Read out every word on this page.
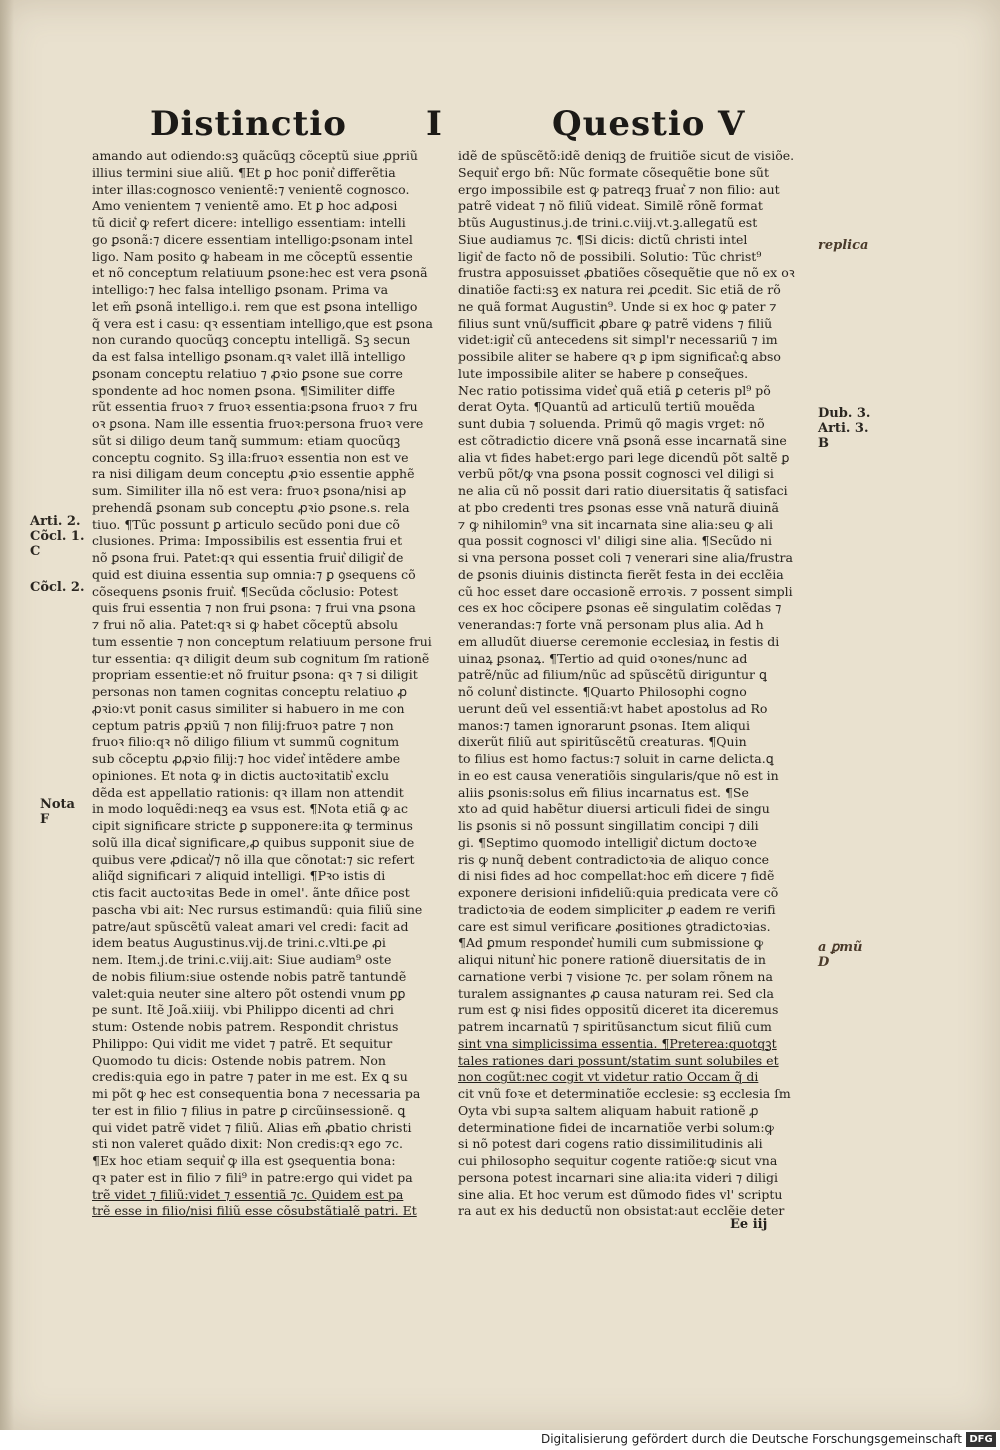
Distinctio I	Questio V
amando aut odiendo:sꝫ quãcũqꝫ cõceptũ siue ꝓpriũ
illius termini siue aliũ. ¶Et ꝑ hoc ponit͛ differẽtia
inter illas:cognosco venientẽ:⁊ venientẽ cognosco.
Amo venientem ⁊ venientẽ amo. Et ꝑ hoc adꝓosi
tũ dicit͛ ꝙ refert dicere: intelligo essentiam: intelli
go ꝑsonã:⁊ dicere essentiam intelligo:ꝑsonam intel
ligo. Nam posito ꝙ habeam in me cõceptũ essentie
et nõ conceptum relatiuum ꝑsone:hec est vera ꝑsonã
intelligo:⁊ hec falsa intelligo ꝑsonam. Prima va
let em̃ ꝑsonã intelligo.i. rem que est ꝑsona intelligo
q̃ vera est i casu: qꝛ essentiam intelligo,que est ꝑsona
non curando quocũqꝫ conceptu intelligã. Sꝫ secun
da est falsa intelligo ꝑsonam.qꝛ valet illã intelligo
ꝑsonam conceptu relatiuo ⁊ ꝓꝛio ꝑsone sue corre
spondente ad hoc nomen ꝑsona. ¶Similiter diffe
rũt essentia fruoꝛ ⁊ fruoꝛ essentia:ꝑsona fruoꝛ ⁊ fru
oꝛ ꝑsona. Nam ille essentia fruoꝛ:persona fruoꝛ vere
sũt si diligo deum tanq̃ summum: etiam quocũqꝫ
conceptu cognito. Sꝫ illa:fruoꝛ essentia non est ve
ra nisi diligam deum conceptu ꝓꝛio essentie apphẽ
sum. Similiter illa nõ est vera: fruoꝛ ꝑsona/nisi ap
prehendã ꝑsonam sub conceptu ꝓꝛio ꝑsone.s. rela
tiuo. ¶Tũc possunt ꝑ articulo secũdo poni due cõ
clusiones. Prima: Impossibilis est essentia frui et
nõ ꝑsona frui. Patet:qꝛ qui essentia fruit͛ diligit͛ de
quid est diuina essentia sup omnia:⁊ ꝑ ꝯsequens cõ
cõsequens ꝑsonis fruit͛. ¶Secũda cõclusio: Potest
quis frui essentia ⁊ non frui ꝑsona: ⁊ frui vna ꝑsona
⁊ frui nõ alia. Patet:qꝛ si ꝙ habet cõceptũ absolu
tum essentie ⁊ non conceptum relatiuum persone frui
tur essentia: qꝛ diligit deum sub cognitum ſm rationẽ
propriam essentie:et nõ fruitur ꝑsona: qꝛ ⁊ si diligit
personas non tamen cognitas conceptu relatiuo ꝓ
ꝓꝛio:vt ponit casus similiter si habuero in me con
ceptum patris ꝓpꝛiũ ⁊ non filij:fruoꝛ patre ⁊ non
fruoꝛ filio:qꝛ nõ diligo filium vt summũ cognitum
sub cõceptu ꝓꝓꝛio filij:⁊ hoc videt͛ intẽdere ambe
opiniones. Et nota ꝙ in dictis auctoꝛitatib͛ exclu
dẽda est appellatio rationis: qꝛ illam non attendit
in modo loquẽdi:neqꝫ ea vsus est. ¶Nota etiã ꝙ ac
cipit significare stricte ꝑ supponere:ita ꝙ terminus
solũ illa dicat͛ significare,ꝓ quibus supponit siue de
quibus vere ꝓdicat͛/⁊ nõ illa que cõnotat:⁊ sic refert
aliq̃d significari ⁊ aliquid intelligi. ¶Pꝛo istis di
ctis facit auctoꝛitas Bede in omel'. ãnte dñice post
pascha vbi ait: Nec rursus estimandũ: quia filiũ sine
patre/aut spũscẽtũ valeat amari vel credi: facit ad
idem beatus Augustinus.vij.de trini.c.vlti.ꝑe ꝓi
nem. Item.j.de trini.c.viij.ait: Siue audiam⁹ oste
de nobis filium:siue ostende nobis patrẽ tantundẽ
valet:quia neuter sine altero põt ostendi vnum ꝑꝑ
pe sunt. Itẽ Joã.xiiij. vbi Philippo dicenti ad chri
stum: Ostende nobis patrem. Respondit christus
Philippo: Qui vidit me videt ⁊ patrẽ. Et sequitur
Quomodo tu dicis: Ostende nobis patrem. Non
credis:quia ego in patre ⁊ pater in me est. Ex ꝗ su
mi põt ꝙ hec est consequentia bona ⁊ necessaria pa
ter est in filio ⁊ filius in patre ꝑ circũinsessionẽ. ꝗ
qui videt patrẽ videt ⁊ filiũ. Alias em̃ ꝓbatio christi
sti non valeret quãdo dixit: Non credis:qꝛ ego ⁊c.
¶Ex hoc etiam sequit͛ ꝙ illa est ꝯsequentia bona:
qꝛ pater est in filio ⁊ fili⁹ in patre:ergo qui videt pa
trẽ videt ⁊ filiũ:videt ⁊ essentiã ⁊c. Quidem est pa
trẽ esse in filio/nisi filiũ esse cõsubstãtialẽ patri. Et
idẽ de spũscẽtõ:idẽ deniqꝫ de fruitiõe sicut de visiõe.
Sequit͛ ergo bñ: Nũc formate cõsequẽtie bone sũt
ergo impossibile est ꝙ patreqꝫ fruat͛ ⁊ non filio: aut
patrẽ videat ⁊ nõ filiũ videat. Similẽ rõnẽ format
btũs Augustinus.j.de trini.c.viij.vt.ꝫ.allegatũ est
Siue audiamus ⁊c. ¶Si dicis: dictũ christi intel
ligit͛ de facto nõ de possibili. Solutio: Tũc christ⁹
frustra apposuisset ꝓbatiões cõsequẽtie que nõ ex oꝛ
dinatiõe facti:sꝫ ex natura rei ꝓcedit. Sic etiã de rõ
ne quã format Augustin⁹. Unde si ex hoc ꝙ pater ⁊
filius sunt vnũ/sufficit ꝓbare ꝙ patrẽ videns ⁊ filiũ
videt:igit͛ cũ antecedens sit simpl'r necessariũ ⁊ im
possibile aliter se habere qꝛ ꝑ ipm significat͛:ꝗ abso
lute impossibile aliter se habere p conseq̃ues.
Nec ratio potissima videt͛ quã etiã ꝑ ceteris pl⁹ põ
derat Oyta. ¶Quantũ ad articulũ tertiũ mouẽda
sunt dubia ⁊ soluenda. Primũ qõ magis vrget: nõ
est cõtradictio dicere vnã ꝑsonã esse incarnatã sine
alia vt fides habet:ergo pari lege dicendũ põt saltẽ ꝑ
verbũ põt/ꝙ vna ꝑsona possit cognosci vel diligi si
ne alia cũ nõ possit dari ratio diuersitatis q̃ satisfaci
at pbo credenti tres ꝑsonas esse vnã naturã diuinã
⁊ ꝙ nihilomin⁹ vna sit incarnata sine alia:seu ꝙ ali
qua possit cognosci vl' diligi sine alia. ¶Secũdo ni
si vna persona posset coli ⁊ venerari sine alia/frustra
de ꝑsonis diuinis distincta fierẽt festa in dei ecclẽia
cũ hoc esset dare occasionẽ erroꝛis. ⁊ possent simpli
ces ex hoc cõcipere ꝑsonas eẽ singulatim colẽdas ⁊
venerandas:⁊ forte vnã personam plus alia. Ad h
em alludũt diuerse ceremonie ecclesiaꝝ in festis di
uinaꝝ ꝑsonaꝝ. ¶Tertio ad quid oꝛones/nunc ad
patrẽ/nũc ad filium/nũc ad spũscẽtũ diriguntur ꝗ
nõ colunt͛ distincte. ¶Quarto Philosophi cogno
uerunt deũ vel essentiã:vt habet apostolus ad Ro
manos:⁊ tamen ignorarunt ꝑsonas. Item aliqui
dixerũt filiũ aut spiritũscẽtũ creaturas. ¶Quin
to filius est homo factus:⁊ soluit in carne delicta.ꝗ
in eo est causa veneratiõis singularis/que nõ est in
aliis ꝑsonis:solus em̃ filius incarnatus est. ¶Se
xto ad quid habẽtur diuersi articuli fidei de singu
lis ꝑsonis si nõ possunt singillatim concipi ⁊ dili
gi. ¶Septimo quomodo intelligit͛ dictum doctoꝛe
ris ꝙ nunq̃ debent contradictoꝛia de aliquo conce
di nisi fides ad hoc compellat:hoc em̃ dicere ⁊ fidẽ
exponere derisioni infideliũ:quia predicata vere cõ
tradictoꝛia de eodem simpliciter ꝓ eadem re verifi
care est simul verificare ꝓositiones ꝯtradictoꝛias.
¶Ad ꝑmum respondet͛ humili cum submissione ꝙ
aliqui nitunt͛ hic ponere rationẽ diuersitatis de in
carnatione verbi ⁊ visione ⁊c. per solam rõnem na
turalem assignantes ꝓ causa naturam rei. Sed cla
rum est ꝙ nisi fides oppositũ diceret ita diceremus
patrem incarnatũ ⁊ spiritũsanctum sicut filiũ cum
sint vna simplicissima essentia. ¶Preterea:quotqꝫt
tales rationes dari possunt/statim sunt solubiles et
non cogũt:nec cogit vt videtur ratio Occam q̃ di
cit vnũ foꝛe et determinatiõe ecclesie: sꝫ ecclesia ſm
Oyta vbi supꝛa saltem aliquam habuit rationẽ ꝓ
determinatione fidei de incarnatiõe verbi solum:ꝙ
si nõ potest dari cogens ratio dissimilitudinis ali
cui philosopho sequitur cogente ratiõe:ꝙ sicut vna
persona potest incarnari sine alia:ita videri ⁊ diligi
sine alia. Et hoc verum est dũmodo fides vl' scriptu
ra aut ex his deductũ non obsistat:aut ecclẽie deter
replica
Dub. 3.
Arti. 3.
B
Arti. 2.
Cõcl. 1.
C
Cõcl. 2.
Nota
F
a ꝑmũ
D
Ee iij
Digitalisierung gefördert durch die Deutsche Forschungsgemeinschaft DFG
